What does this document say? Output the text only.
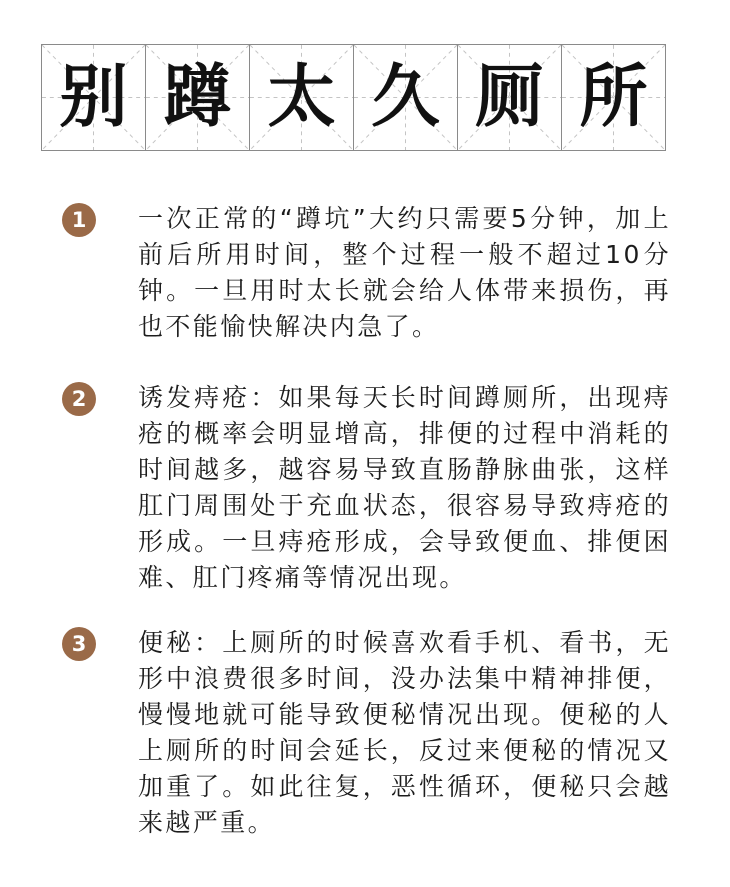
别 蹲 太 久 厕 所
1	一次正常的“蹲坑”大约只需要5分钟，加上前后所用时间，整个过程一般不超过10分钟。一旦用时太长就会给人体带来损伤，再也不能愉快解决内急了。
2	诱发痔疮：如果每天长时间蹲厕所，出现痔疮的概率会明显增高，排便的过程中消耗的时间越多，越容易导致直肠静脉曲张，这样肛门周围处于充血状态，很容易导致痔疮的形成。一旦痔疮形成，会导致便血、排便困难、肛门疼痛等情况出现。
3	便秘：上厕所的时候喜欢看手机、看书，无形中浪费很多时间，没办法集中精神排便，慢慢地就可能导致便秘情况出现。便秘的人上厕所的时间会延长，反过来便秘的情况又加重了。如此往复，恶性循环，便秘只会越来越严重。
